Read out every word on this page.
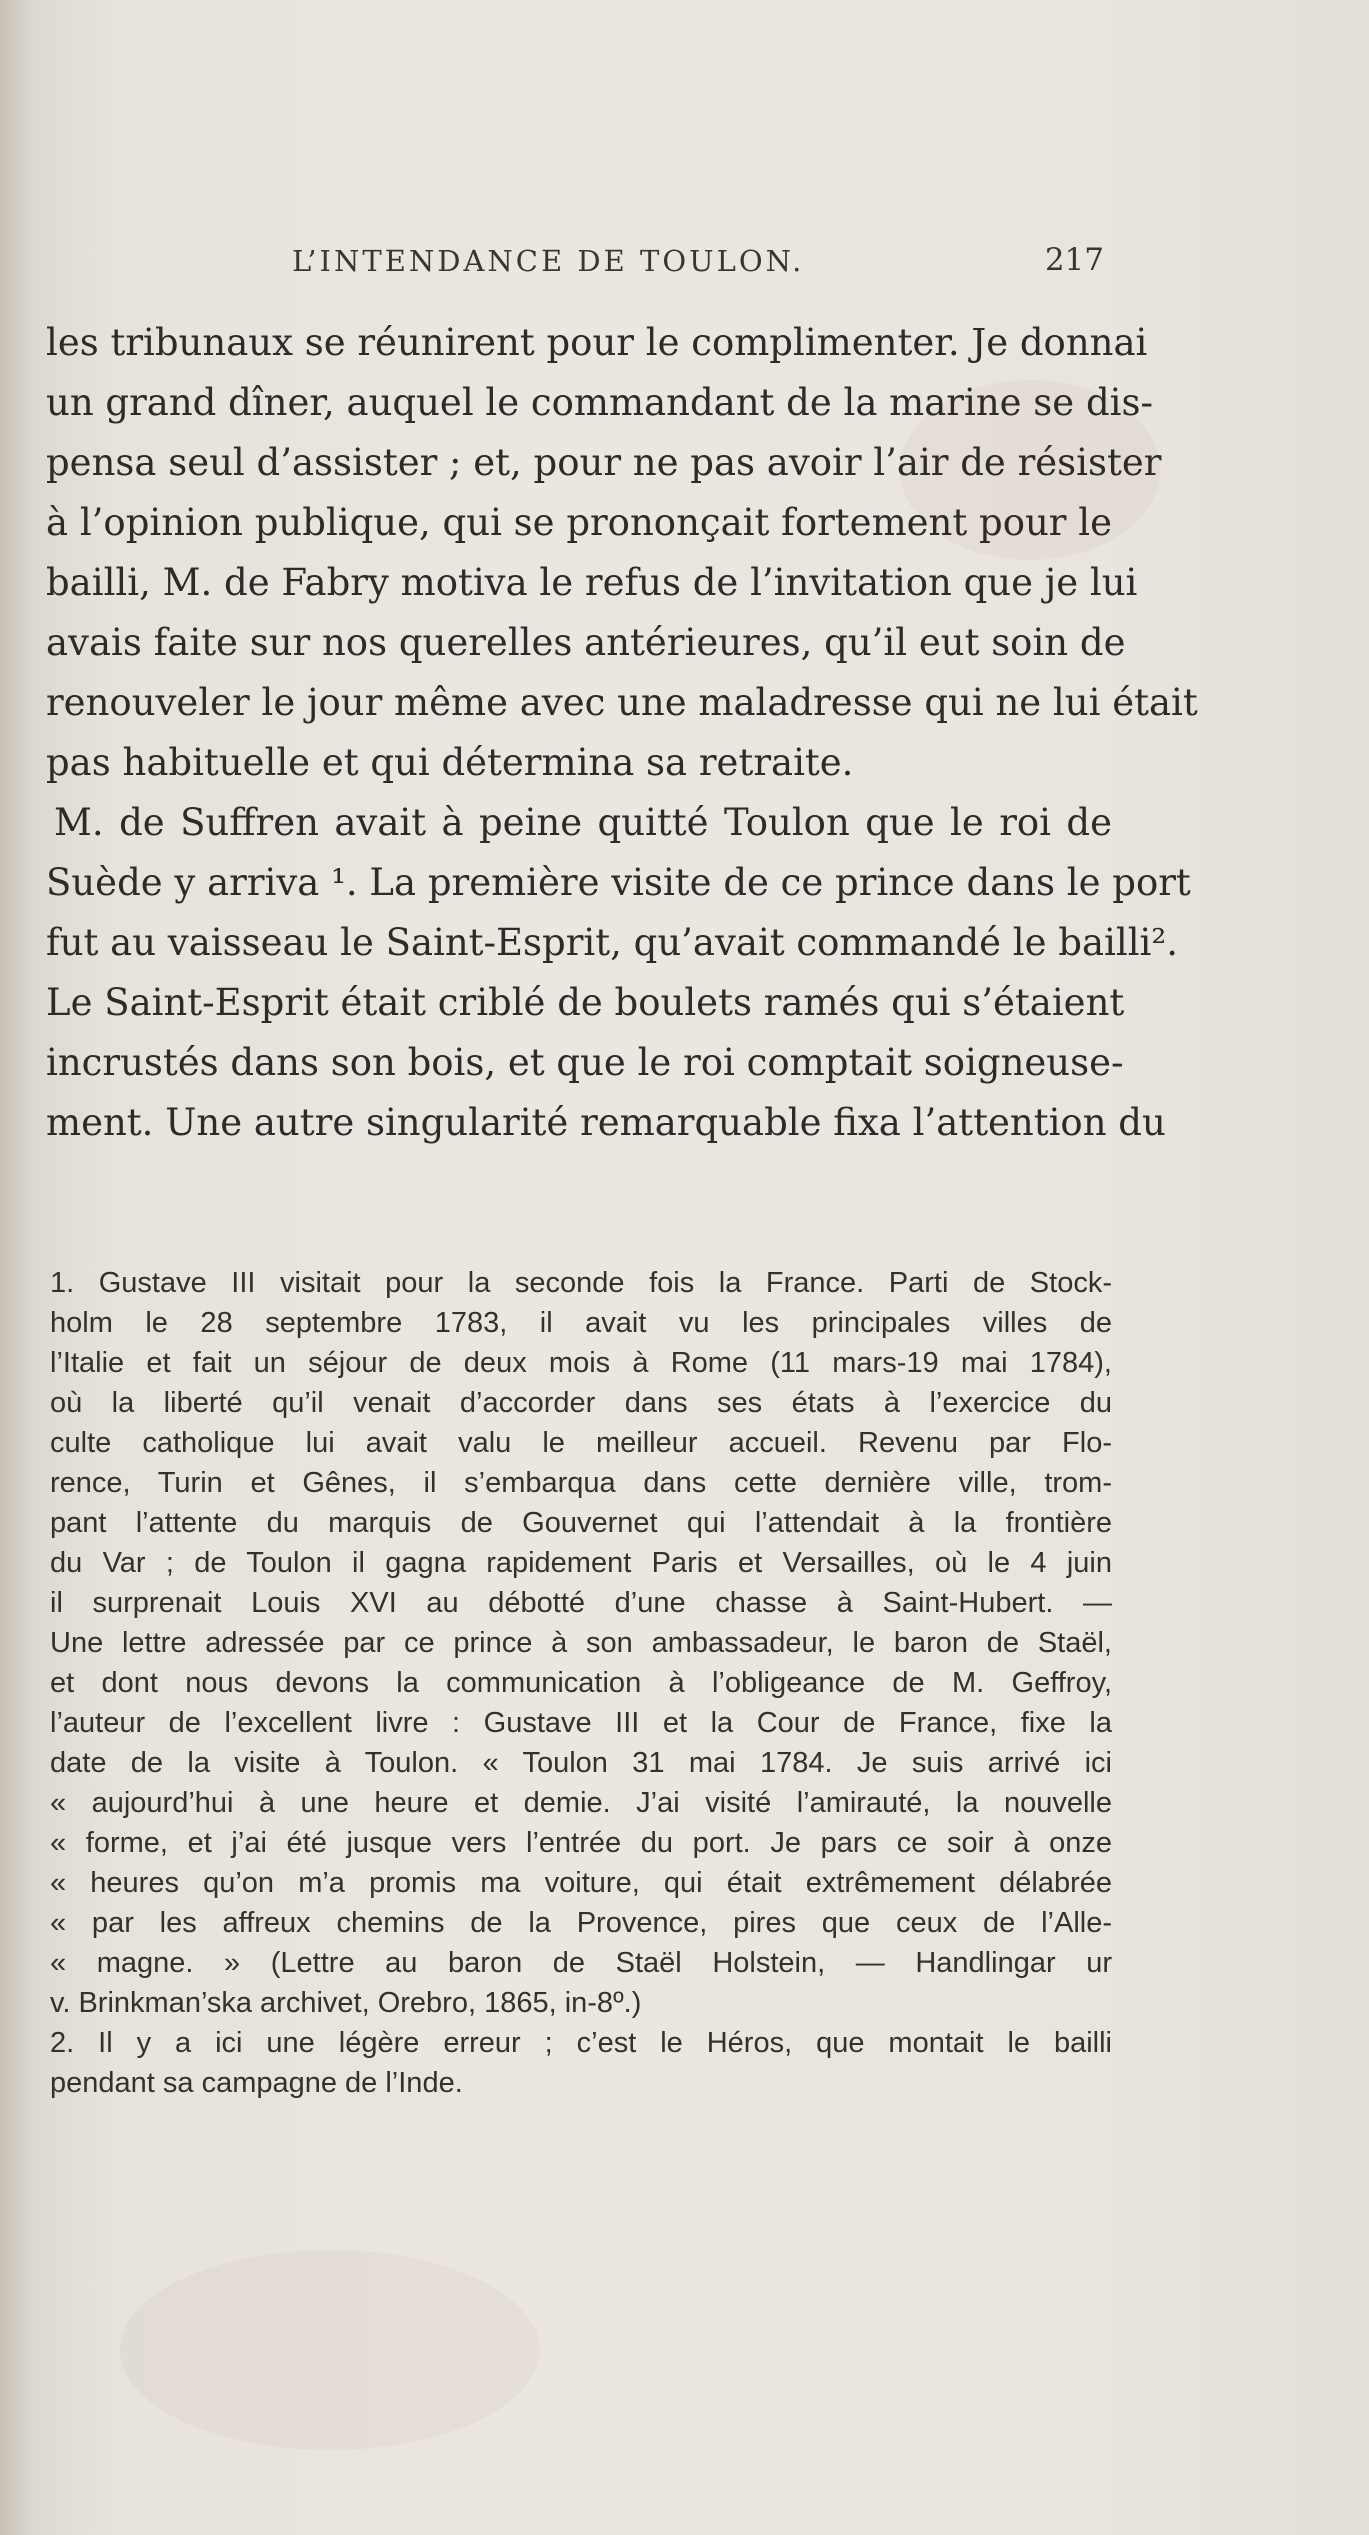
L’INTENDANCE DE TOULON.	217
les tribunaux se réunirent pour le complimenter. Je donnai
un grand dîner, auquel le commandant de la marine se dis-
pensa seul d’assister ; et, pour ne pas avoir l’air de résister
à l’opinion publique, qui se prononçait fortement pour le
bailli, M. de Fabry motiva le refus de l’invitation que je lui
avais faite sur nos querelles antérieures, qu’il eut soin de
renouveler le jour même avec une maladresse qui ne lui était
pas habituelle et qui détermina sa retraite.
M. de Suffren avait à peine quitté Toulon que le roi de
Suède y arriva ¹. La première visite de ce prince dans le port
fut au vaisseau le Saint-Esprit, qu’avait commandé le bailli².
Le Saint-Esprit était criblé de boulets ramés qui s’étaient
incrustés dans son bois, et que le roi comptait soigneuse-
ment. Une autre singularité remarquable fixa l’attention du
1. Gustave III visitait pour la seconde fois la France. Parti de Stock-
holm le 28 septembre 1783, il avait vu les principales villes de
l’Italie et fait un séjour de deux mois à Rome (11 mars-19 mai 1784),
où la liberté qu’il venait d’accorder dans ses états à l’exercice du
culte catholique lui avait valu le meilleur accueil. Revenu par Flo-
rence, Turin et Gênes, il s’embarqua dans cette dernière ville, trom-
pant l’attente du marquis de Gouvernet qui l’attendait à la frontière
du Var ; de Toulon il gagna rapidement Paris et Versailles, où le 4 juin
il surprenait Louis XVI au débotté d’une chasse à Saint-Hubert. —
Une lettre adressée par ce prince à son ambassadeur, le baron de Staël,
et dont nous devons la communication à l’obligeance de M. Geffroy,
l’auteur de l’excellent livre : Gustave III et la Cour de France, fixe la
date de la visite à Toulon. « Toulon 31 mai 1784. Je suis arrivé ici
« aujourd’hui à une heure et demie. J’ai visité l’amirauté, la nouvelle
« forme, et j’ai été jusque vers l’entrée du port. Je pars ce soir à onze
« heures qu’on m’a promis ma voiture, qui était extrêmement délabrée
« par les affreux chemins de la Provence, pires que ceux de l’Alle-
« magne. » (Lettre au baron de Staël Holstein, — Handlingar ur
v. Brinkman’ska archivet, Orebro, 1865, in-8º.)
2. Il y a ici une légère erreur ; c’est le Héros, que montait le bailli
pendant sa campagne de l’Inde.
